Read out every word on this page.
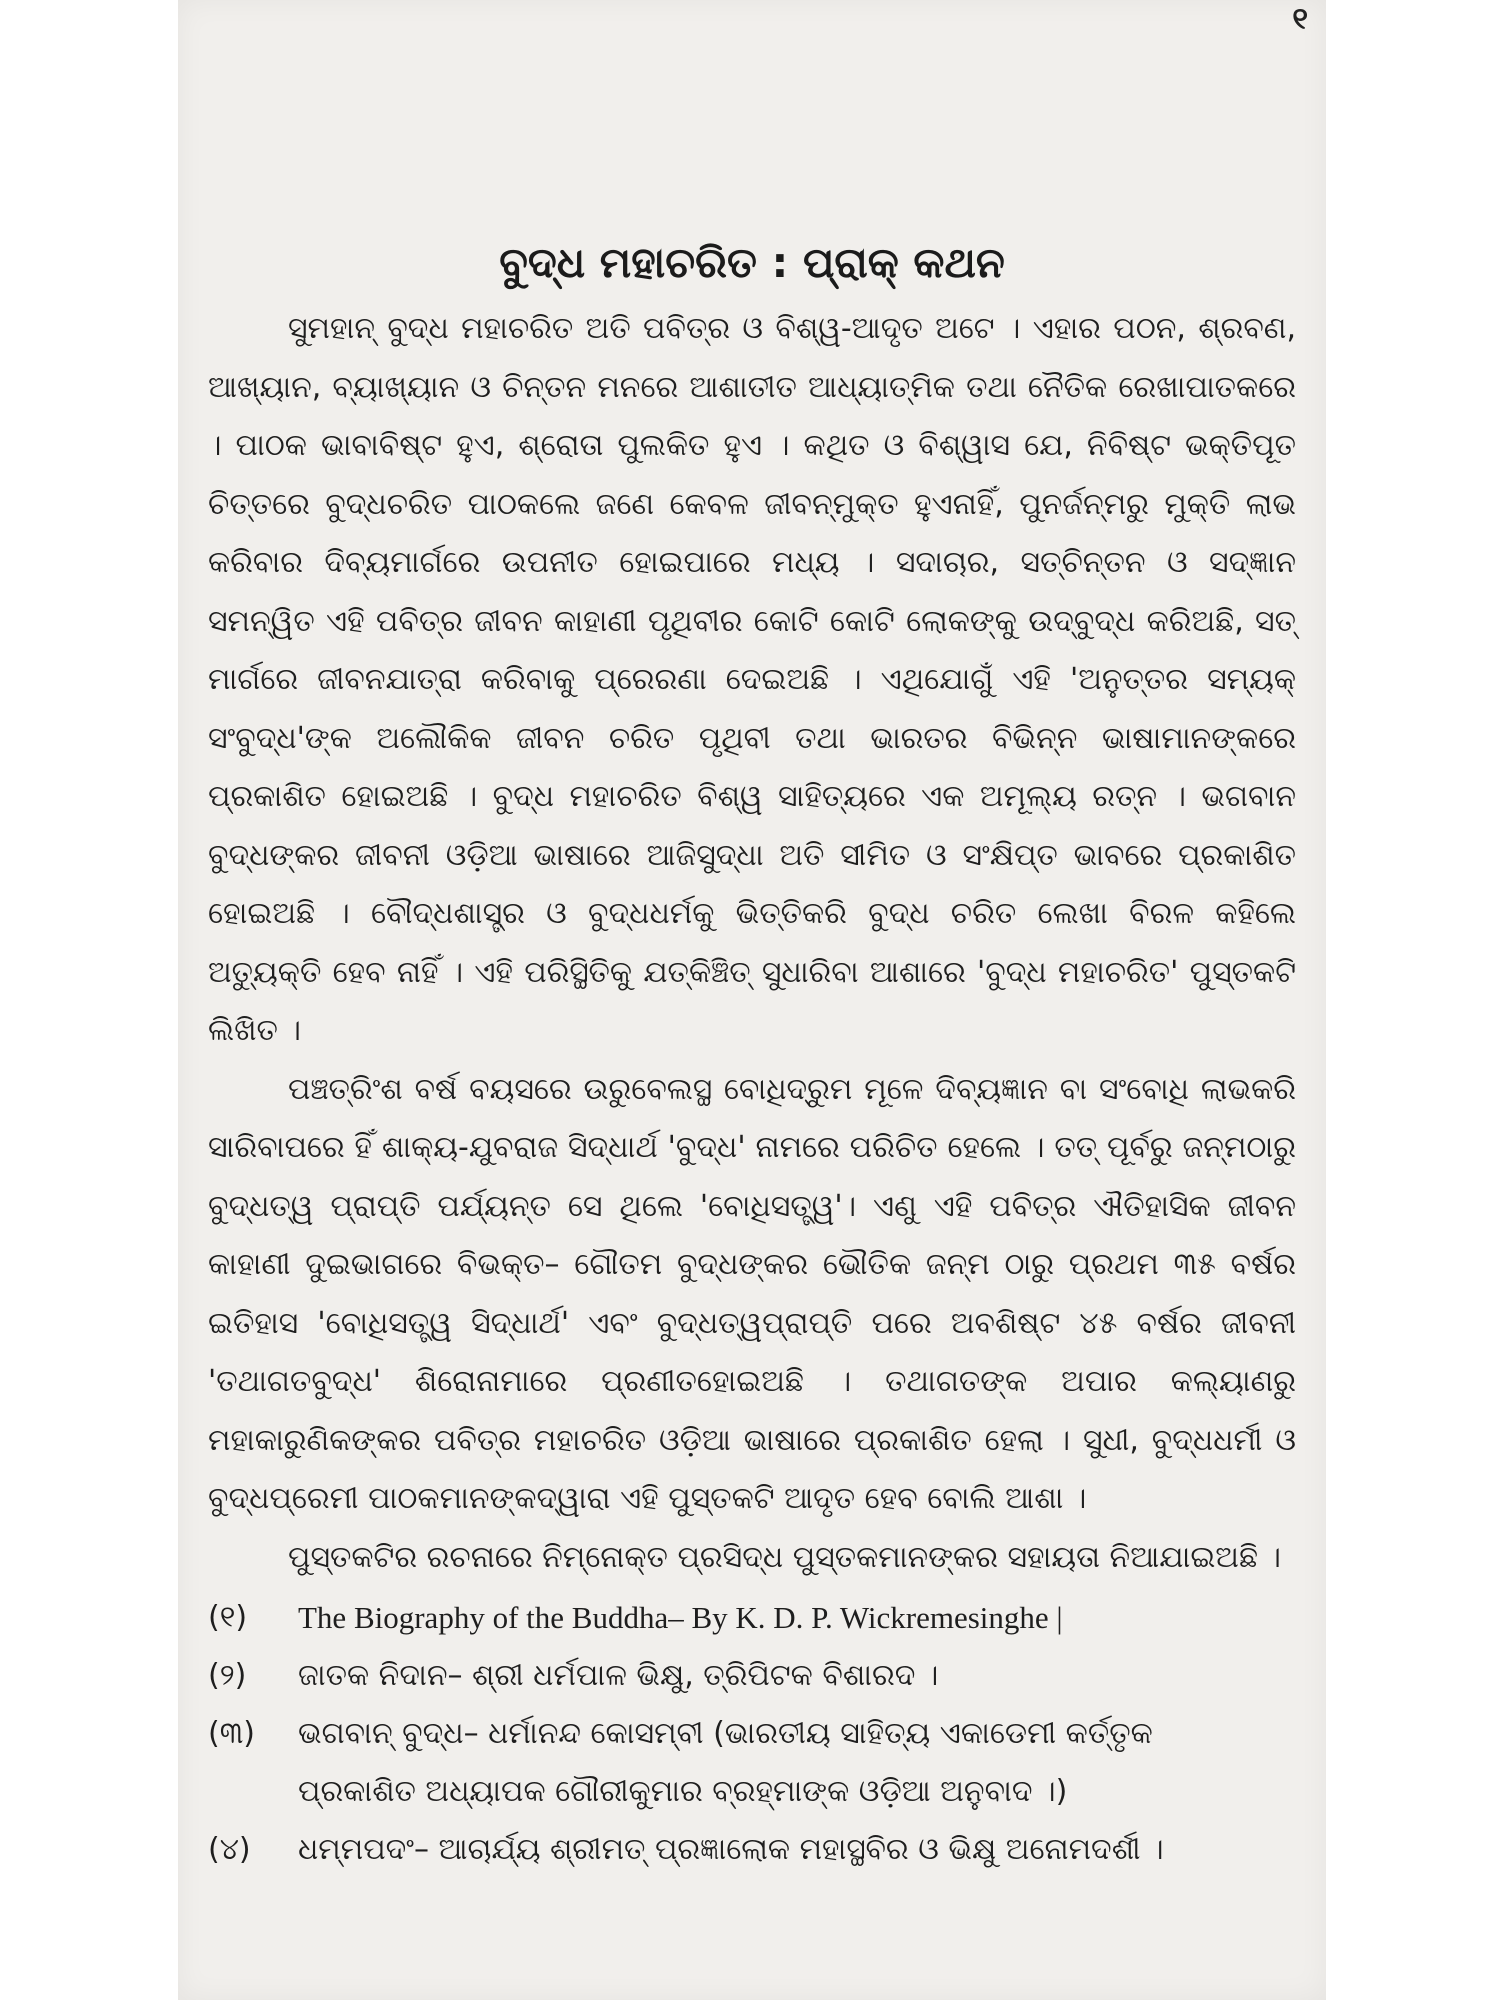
୧
ବୁଦ୍ଧ ମହାଚରିତ : ପ୍ରାକ୍ କଥନ

ସୁମହାନ୍ ବୁଦ୍ଧ ମହାଚରିତ ଅତି ପବିତ୍ର ଓ ବିଶ୍ୱ-ଆଦୃତ ଅଟେ । ଏହାର ପଠନ, ଶ୍ରବଣ, ଆଖ୍ୟାନ, ବ୍ୟାଖ୍ୟାନ ଓ ଚିନ୍ତନ ମନରେ ଆଶାତୀତ ଆଧ୍ୟାତ୍ମିକ ତଥା ନୈତିକ ରେଖାପାତକରେ । ପାଠକ ଭାବାବିଷ୍ଟ ହୁଏ, ଶ୍ରୋତା ପୁଲକିତ ହୁଏ । କଥିତ ଓ ବିଶ୍ୱାସ ଯେ, ନିବିଷ୍ଟ ଭକ୍ତିପୂତ ଚିତ୍ତରେ ବୁଦ୍ଧଚରିତ ପାଠକଲେ ଜଣେ କେବଳ ଜୀବନ୍ମୁକ୍ତ ହୁଏନାହିଁ, ପୁନର୍ଜନ୍ମରୁ ମୁକ୍ତି ଲାଭ କରିବାର ଦିବ୍ୟମାର୍ଗରେ ଉପନୀତ ହୋଇପାରେ ମଧ୍ୟ । ସଦାଚାର, ସତ୍‌ଚିନ୍ତନ ଓ ସଦ୍‌ଜ୍ଞାନ ସମନ୍ୱିତ ଏହି ପବିତ୍ର ଜୀବନ କାହାଣୀ ପୃଥିବୀର କୋଟି କୋଟି ଲୋକଙ୍କୁ ଉଦ୍‌ବୁଦ୍ଧ କରିଅଛି, ସତ୍ ମାର୍ଗରେ ଜୀବନଯାତ୍ରା କରିବାକୁ ପ୍ରେରଣା ଦେଇଅଛି । ଏଥିଯୋଗୁଁ ଏହି 'ଅନୁତ୍ତର ସମ୍ୟକ୍ ସଂବୁଦ୍ଧ'ଙ୍କ ଅଲୌକିକ ଜୀବନ ଚରିତ ପୃଥିବୀ ତଥା ଭାରତର ବିଭିନ୍ନ ଭାଷାମାନଙ୍କରେ ପ୍ରକାଶିତ ହୋଇଅଛି । ବୁଦ୍ଧ ମହାଚରିତ ବିଶ୍ୱ ସାହିତ୍ୟରେ ଏକ ଅମୂଲ୍ୟ ରତ୍ନ । ଭଗବାନ ବୁଦ୍ଧଙ୍କର ଜୀବନୀ ଓଡ଼ିଆ ଭାଷାରେ ଆଜିସୁଦ୍ଧା ଅତି ସୀମିତ ଓ ସଂକ୍ଷିପ୍ତ ଭାବରେ ପ୍ରକାଶିତ ହୋଇଅଛି । ବୌଦ୍ଧଶାସ୍ତ୍ର ଓ ବୁଦ୍ଧଧର୍ମକୁ ଭିତ୍ତିକରି ବୁଦ୍ଧ ଚରିତ ଲେଖା ବିରଳ କହିଲେ ଅତ୍ୟୁକ୍ତି ହେବ ନାହିଁ । ଏହି ପରିସ୍ଥିତିକୁ ଯତ୍‌କିଞ୍ଚିତ୍ ସୁଧାରିବା ଆଶାରେ 'ବୁଦ୍ଧ ମହାଚରିତ' ପୁସ୍ତକଟି ଲିଖିତ ।

ପଞ୍ଚତ୍ରିଂଶ ବର୍ଷ ବୟସରେ ଉରୁବେଲସ୍ଥ ବୋଧିଦ୍ରୁମ ମୂଳେ ଦିବ୍ୟଜ୍ଞାନ ବା ସଂବୋଧି ଲାଭକରି ସାରିବାପରେ ହିଁ ଶାକ୍ୟ-ଯୁବରାଜ ସିଦ୍ଧାର୍ଥ 'ବୁଦ୍ଧ' ନାମରେ ପରିଚିତ ହେଲେ । ତତ୍ ପୂର୍ବରୁ ଜନ୍ମଠାରୁ ବୁଦ୍ଧତ୍ୱ ପ୍ରାପ୍ତି ପର୍ଯ୍ୟନ୍ତ ସେ ଥିଲେ 'ବୋଧିସତ୍ତ୍ୱ'। ଏଣୁ ଏହି ପବିତ୍ର ଐତିହାସିକ ଜୀବନ କାହାଣୀ ଦୁଇଭାଗରେ ବିଭକ୍ତ– ଗୌତମ ବୁଦ୍ଧଙ୍କର ଭୌତିକ ଜନ୍ମ ଠାରୁ ପ୍ରଥମ ୩୫ ବର୍ଷର ଇତିହାସ 'ବୋଧିସତ୍ତ୍ୱ ସିଦ୍ଧାର୍ଥ' ଏବଂ ବୁଦ୍ଧତ୍ୱପ୍ରାପ୍ତି ପରେ ଅବଶିଷ୍ଟ ୪୫ ବର୍ଷର ଜୀବନୀ 'ତଥାଗତବୁଦ୍ଧ' ଶିରୋନାମାରେ ପ୍ରଣୀତହୋଇଅଛି । ତଥାଗତଙ୍କ ଅପାର କଲ୍ୟାଣରୁ ମହାକାରୁଣିକଙ୍କର ପବିତ୍ର ମହାଚରିତ ଓଡ଼ିଆ ଭାଷାରେ ପ୍ରକାଶିତ ହେଲା । ସୁଧୀ, ବୁଦ୍ଧଧର୍ମୀ ଓ ବୁଦ୍ଧପ୍ରେମୀ ପାଠକମାନଙ୍କଦ୍ୱାରା ଏହି ପୁସ୍ତକଟି ଆଦୃତ ହେବ ବୋଲି ଆଶା ।

ପୁସ୍ତକଟିର ରଚନାରେ ନିମ୍ନୋକ୍ତ ପ୍ରସିଦ୍ଧ ପୁସ୍ତକମାନଙ୍କର ସହାୟତା ନିଆଯାଇଅଛି ।

(୧)	The Biography of the Buddha– By K. D. P. Wickremesinghe |
(୨)	ଜାତକ ନିଦାନ– ଶ୍ରୀ ଧର୍ମପାଳ ଭିକ୍ଷୁ, ତ୍ରିପିଟକ ବିଶାରଦ ।
(୩)	ଭଗବାନ୍ ବୁଦ୍ଧ– ଧର୍ମାନନ୍ଦ କୋସମ୍ବୀ (ଭାରତୀୟ ସାହିତ୍ୟ ଏକାଡେମୀ କର୍ତ୍ତୃକ
ପ୍ରକାଶିତ ଅଧ୍ୟାପକ ଗୌରୀକୁମାର ବ୍ରହ୍ମାଙ୍କ ଓଡ଼ିଆ ଅନୁବାଦ ।)
(୪)	ଧମ୍ମପଦଂ– ଆଚାର୍ଯ୍ୟ ଶ୍ରୀମତ୍ ପ୍ରଜ୍ଞାଲୋକ ମହାସ୍ଥବିର ଓ ଭିକ୍ଷୁ ଅନୋମଦର୍ଶୀ ।
